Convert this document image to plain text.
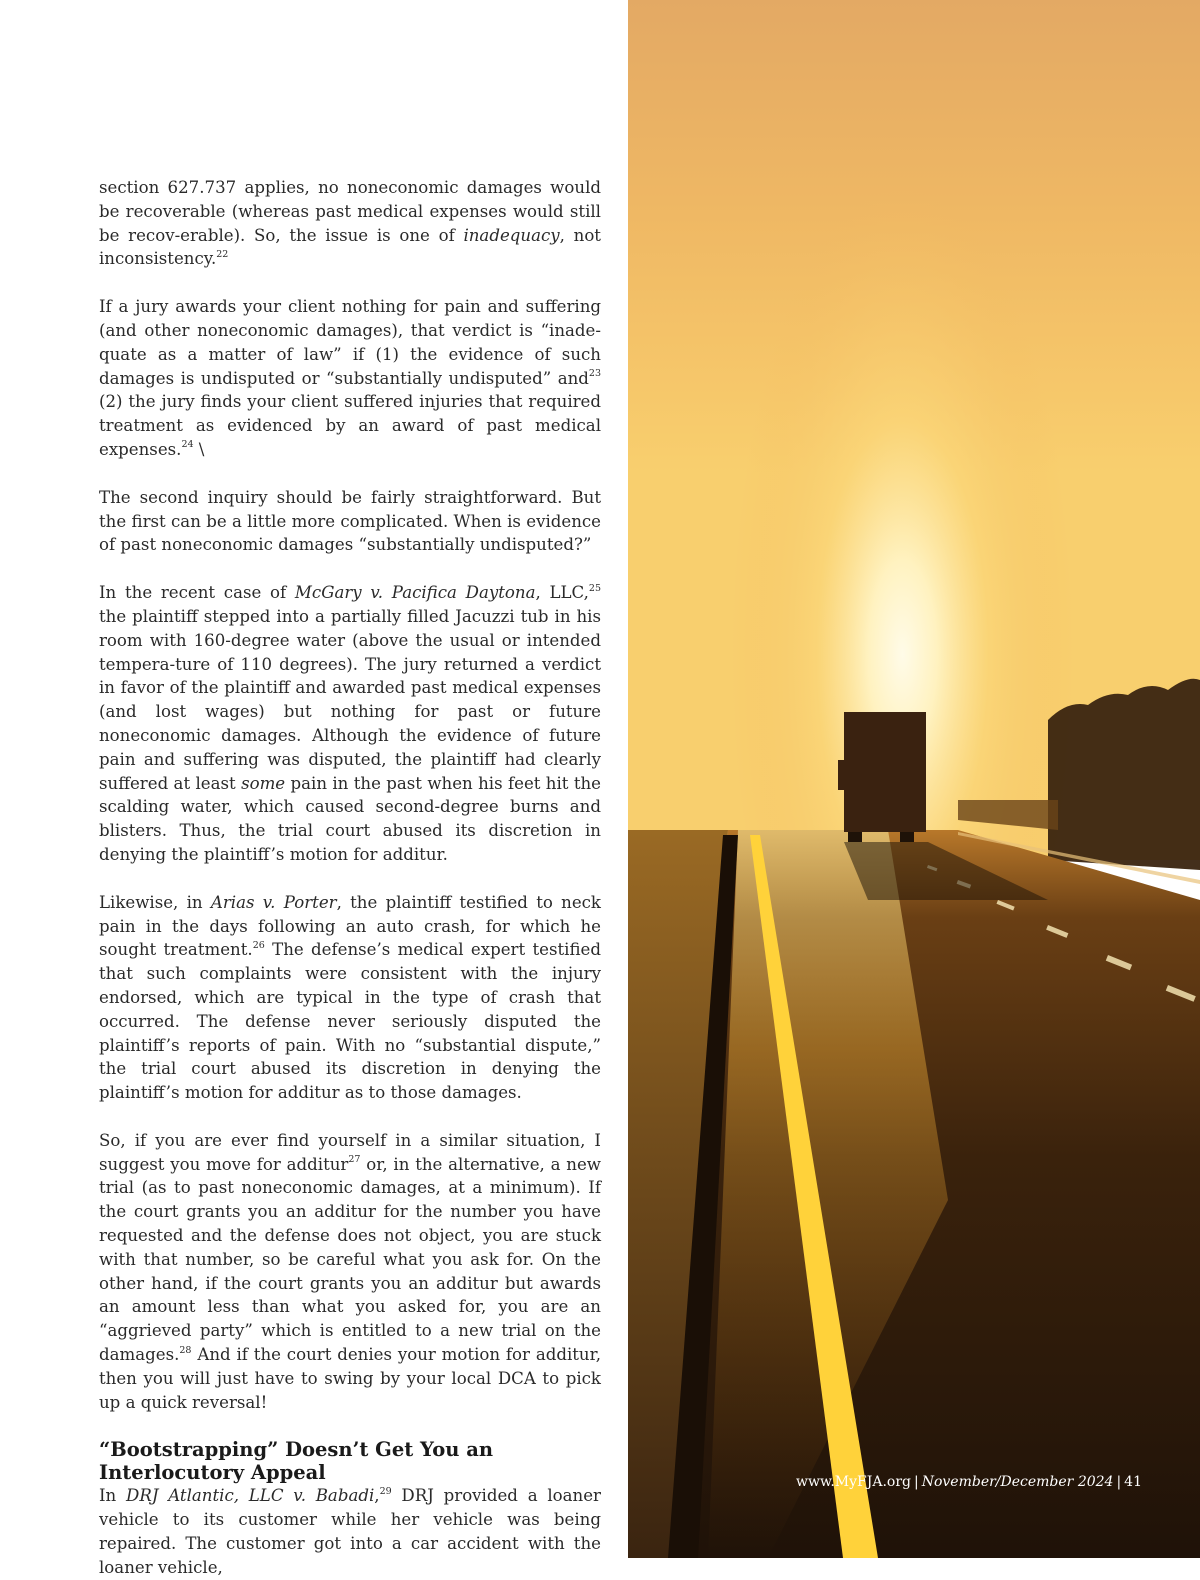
section 627.737 applies, no noneconomic damages would be recoverable (whereas past medical expenses would still be recov-erable). So, the issue is one of inadequacy, not inconsistency.$^{22}$

If a jury awards your client nothing for pain and suffering (and other noneconomic damages), that verdict is “inade-quate as a matter of law” if (1) the evidence of such damages is undisputed or “substantially undisputed” and$^{23}$ (2) the jury finds your client suffered injuries that required treatment as evidenced by an award of past medical expenses.$^{24}$ \

The second inquiry should be fairly straightforward. But the first can be a little more complicated. When is evidence of past noneconomic damages “substantially undisputed?”

In the recent case of McGary v. Pacifica Daytona, LLC,$^{25}$ the plaintiff stepped into a partially filled Jacuzzi tub in his room with 160-degree water (above the usual or intended tempera-ture of 110 degrees). The jury returned a verdict in favor of the plaintiff and awarded past medical expenses (and lost wages) but nothing for past or future noneconomic damages. Although the evidence of future pain and suffering was disputed, the plaintiff had clearly suffered at least some pain in the past when his feet hit the scalding water, which caused second-degree burns and blisters. Thus, the trial court abused its discretion in denying the plaintiff’s motion for additur.

Likewise, in Arias v. Porter, the plaintiff testified to neck pain in the days following an auto crash, for which he sought treatment.$^{26}$ The defense’s medical expert testified that such complaints were consistent with the injury endorsed, which are typical in the type of crash that occurred. The defense never seriously disputed the plaintiff’s reports of pain. With no “substantial dispute,” the trial court abused its discretion in denying the plaintiff’s motion for additur as to those damages.

So, if you are ever find yourself in a similar situation, I suggest you move for additur$^{27}$ or, in the alternative, a new trial (as to past noneconomic damages, at a minimum). If the court grants you an additur for the number you have requested and the defense does not object, you are stuck with that number, so be careful what you ask for. On the other hand, if the court grants you an additur but awards an amount less than what you asked for, you are an “aggrieved party” which is entitled to a new trial on the damages.$^{28}$ And if the court denies your motion for additur, then you will just have to swing by your local DCA to pick up a quick reversal!

“Bootstrapping” Doesn’t Get You an
Interlocutory Appeal

In DRJ Atlantic, LLC v. Babadi,$^{29}$ DRJ provided a loaner vehicle to its customer while her vehicle was being repaired. The customer got into a car accident with the loaner vehicle,

www.MyFJA.org | November/December 2024 | 41
